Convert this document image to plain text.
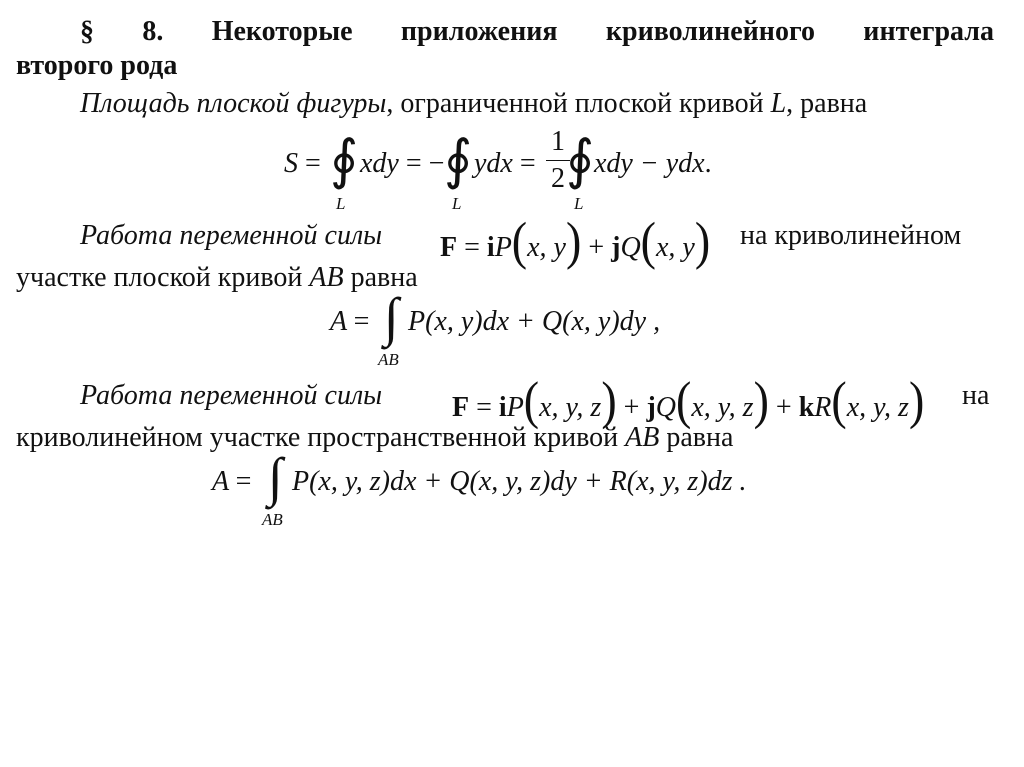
§ 8. Некоторые приложения криволинейного интеграла
второго рода
Площадь плоской фигуры, ограниченной плоской кривой L, равна
S = ∮
L
xdy = − ∮
L
ydx =
1
2 ∮
L
xdy − ydx.
Работа переменной силы F = iP(x, y) + jQ(x, y) на криволинейном
участке плоской кривой AB равна
A = ∫
AB
P(x, y)dx + Q(x, y)dy ,
Работа переменной силы F = iP(x, y, z) + jQ(x, y, z) + kR(x, y, z) на
криволинейном участке пространственной кривой AB равна
A = ∫
AB
P(x, y, z)dx + Q(x, y, z)dy + R(x, y, z)dz .
